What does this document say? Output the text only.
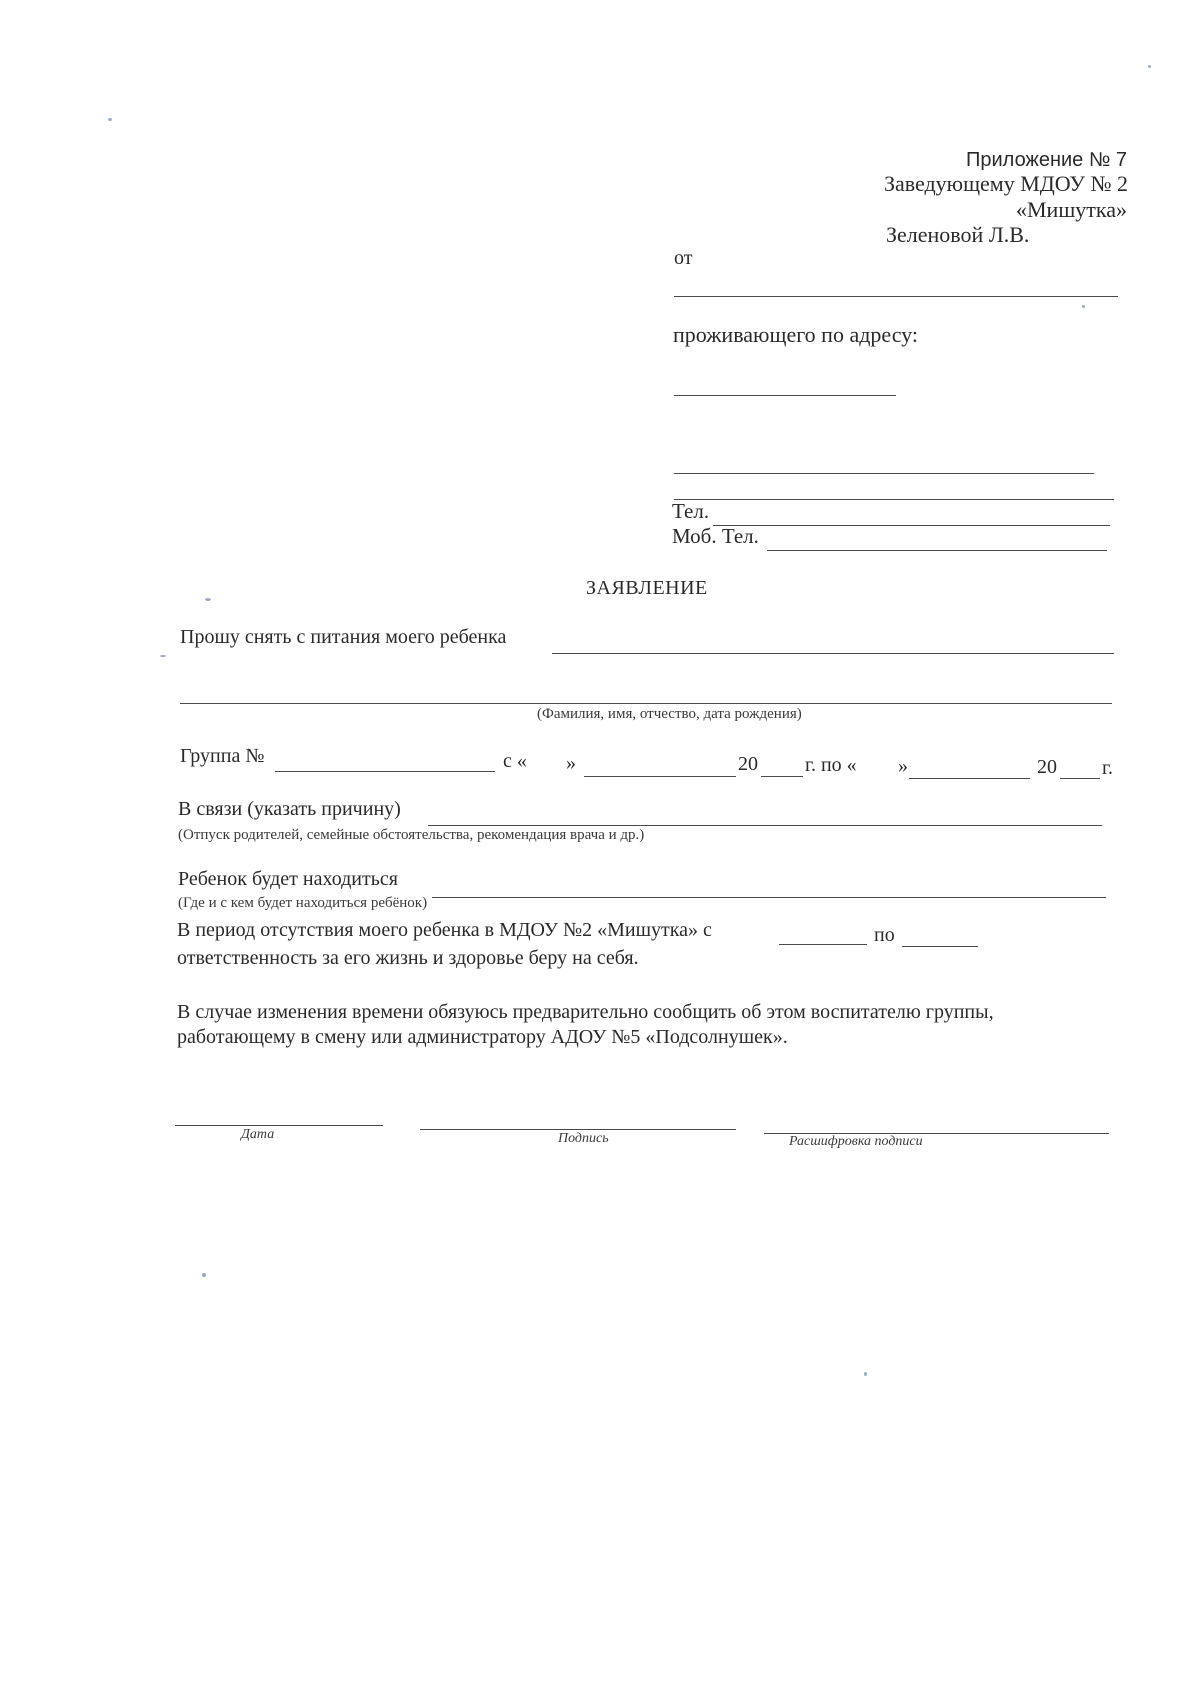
Приложение № 7
Заведующему МДОУ № 2
«Мишутка»
Зеленовой Л.В.
от
проживающего по адресу:
Тел.
Моб. Тел.
ЗАЯВЛЕНИЕ
Прошу снять с питания моего ребенка
(Фамилия, имя, отчество, дата рождения)
Группа №	с « »	20 г. по « »	20 г.
В связи (указать причину)
(Отпуск родителей, семейные обстоятельства, рекомендация врача и др.)
Ребенок будет находиться
(Где и с кем будет находиться ребёнок)
В период отсутствия моего ребенка в МДОУ №2 «Мишутка» с	по
ответственность за его жизнь и здоровье беру на себя.
В случае изменения времени обязуюсь предварительно сообщить об этом воспитателю группы,
работающему в смену или администратору АДОУ №5 «Подсолнушек».
Дата	Подпись	Расшифровка подписи
